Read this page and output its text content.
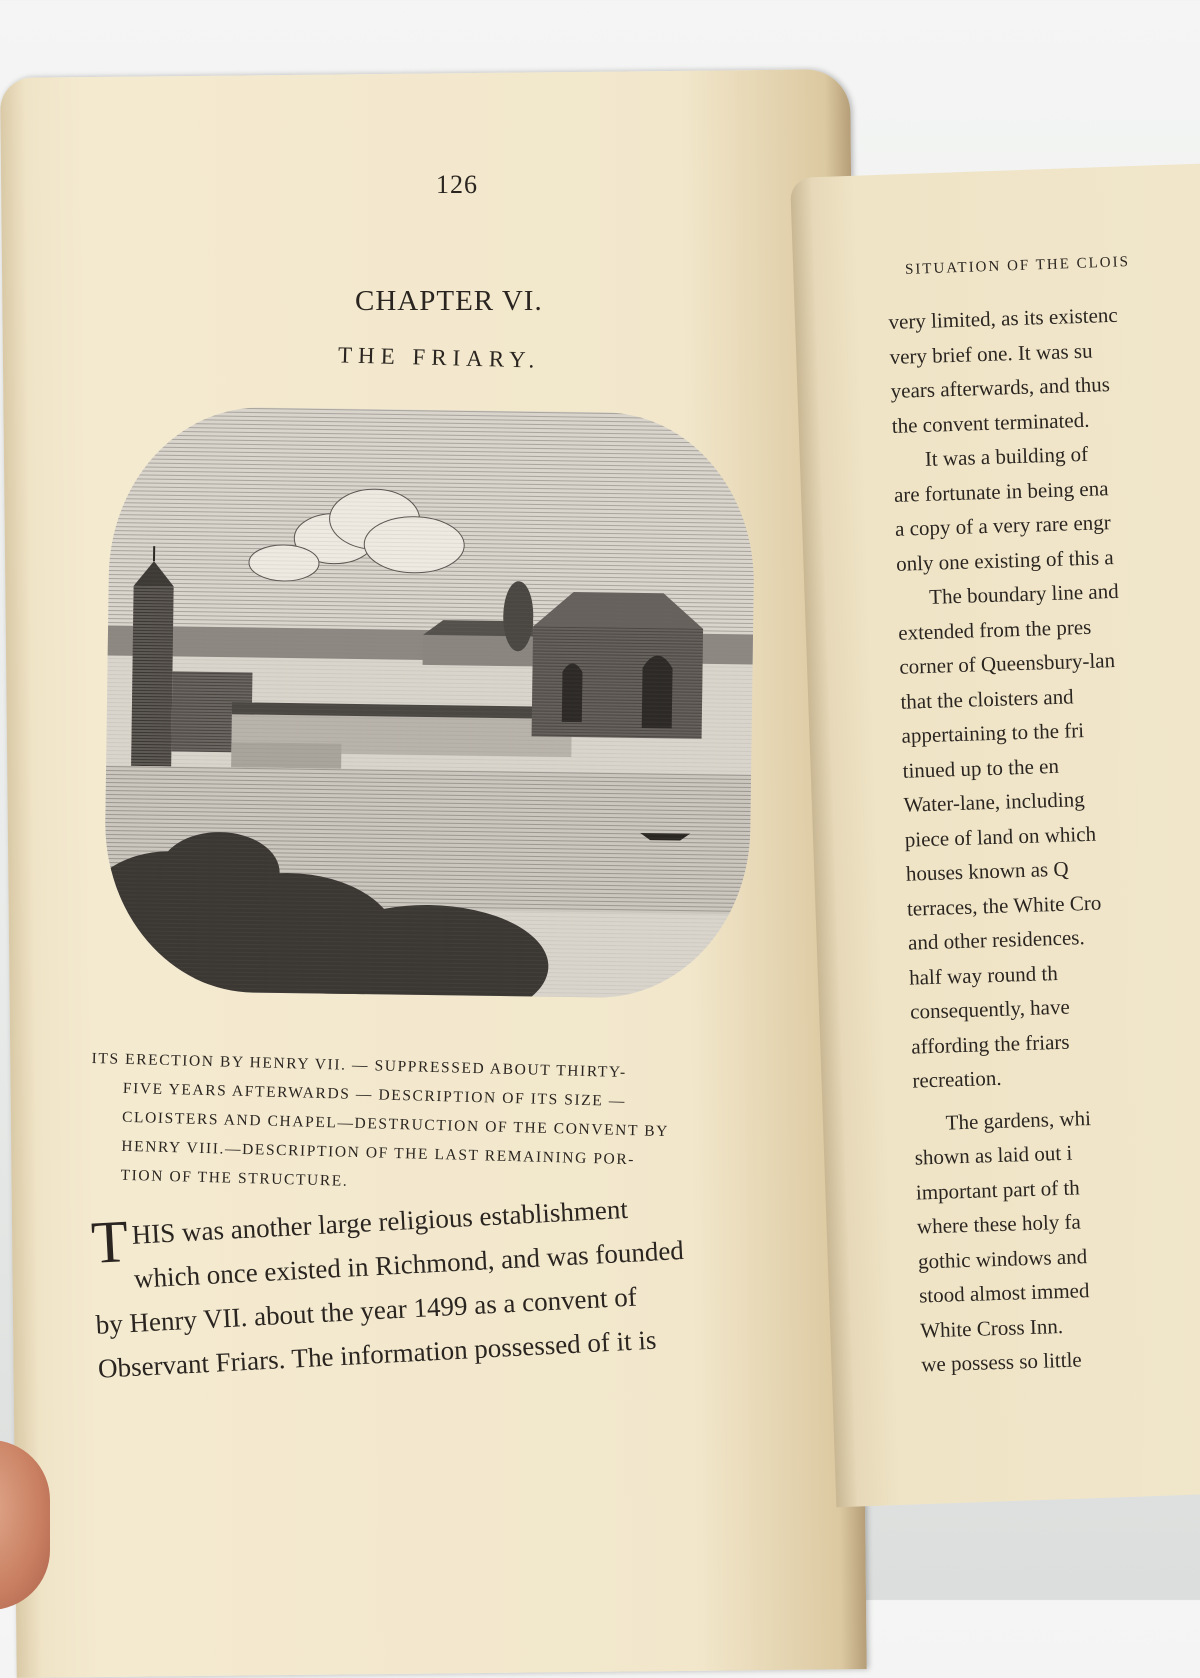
126
CHAPTER VI.
THE FRIARY.
ITS ERECTION BY HENRY VII. — SUPPRESSED ABOUT THIRTY-
FIVE YEARS AFTERWARDS — DESCRIPTION OF ITS SIZE —
CLOISTERS AND CHAPEL—DESTRUCTION OF THE CONVENT BY
HENRY VIII.—DESCRIPTION OF THE LAST REMAINING POR-
TION OF THE STRUCTURE.
T HIS was another large religious establishment
which once existed in Richmond, and was founded
by Henry VII. about the year 1499 as a convent of
Observant Friars. The information possessed of it is
SITUATION OF THE CLOIS
very limited, as its existenc
very brief one. It was su
years afterwards, and thus
the convent terminated.
It was a building of
are fortunate in being ena
a copy of a very rare engr
only one existing of this a
The boundary line and
extended from the pres
corner of Queensbury-lan
that the cloisters and
appertaining to the fri
tinued up to the en
Water-lane, including
piece of land on which
houses known as Q
terraces, the White Cro
and other residences.
half way round th
consequently, have
affording the friars
recreation.
The gardens, whi
shown as laid out i
important part of th
where these holy fa
gothic windows and
stood almost immed
White Cross Inn.
we possess so little
